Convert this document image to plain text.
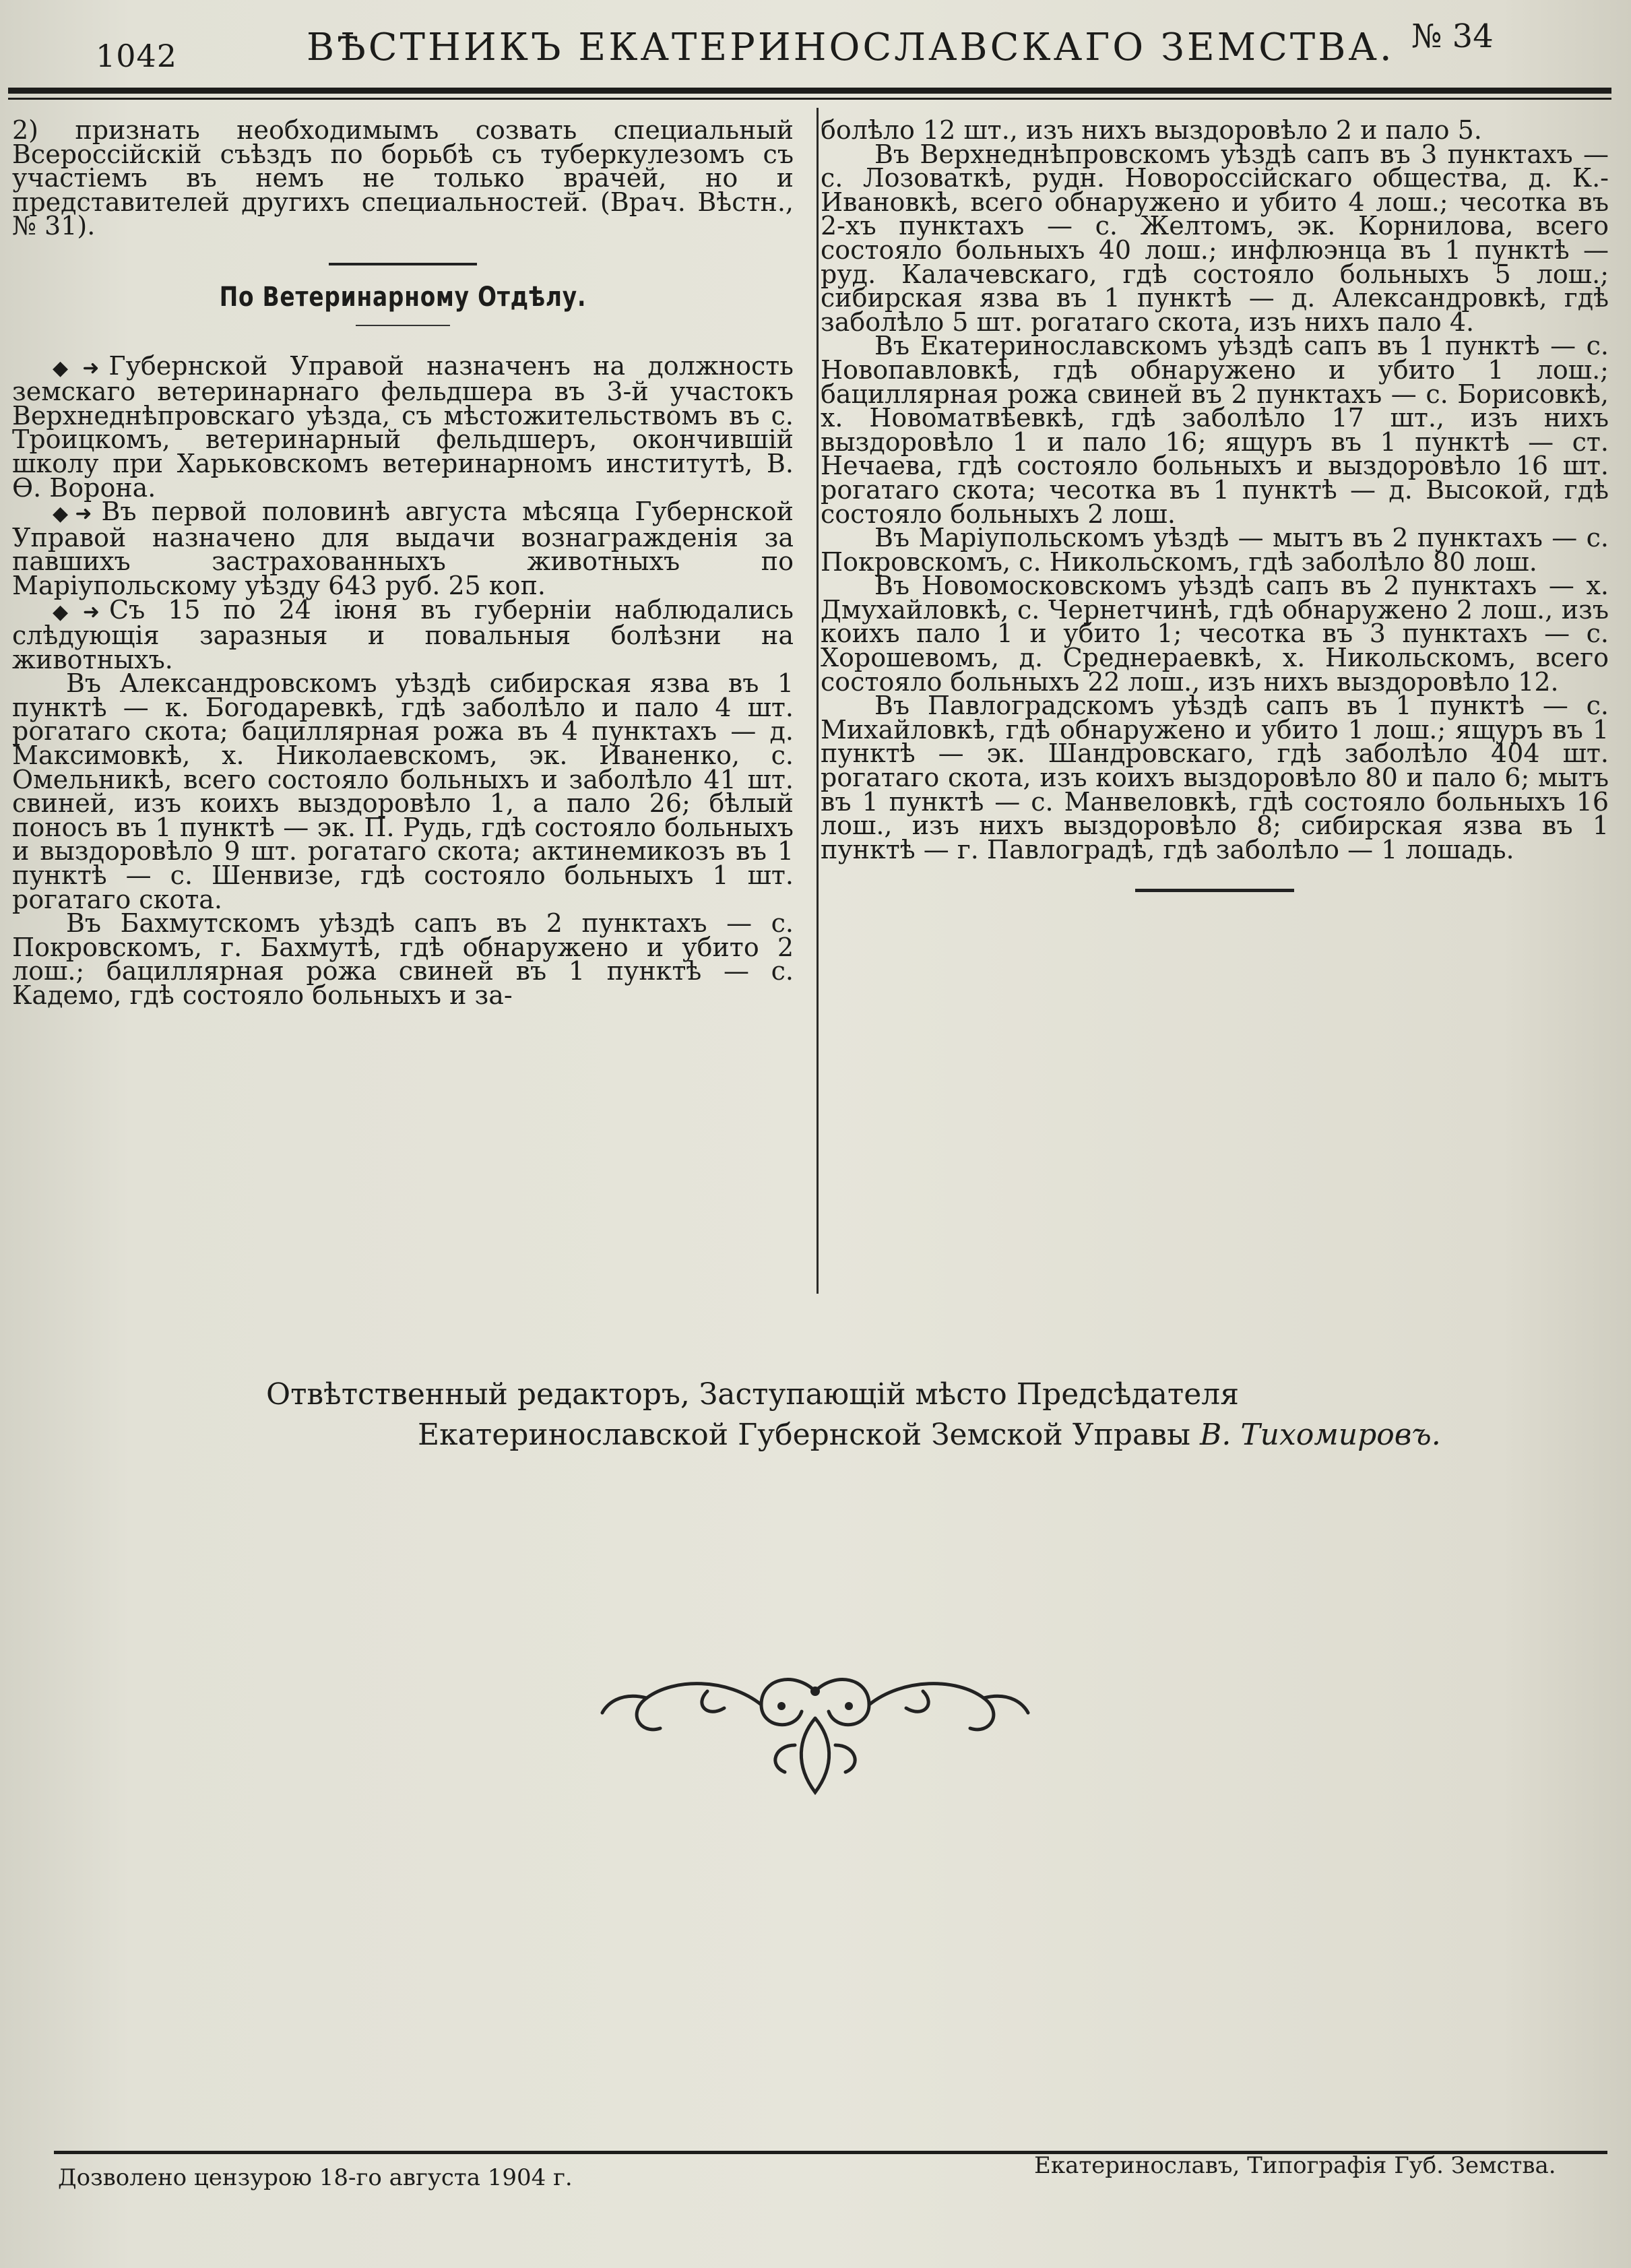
1042	ВѢСТНИКЪ ЕКАТЕРИНОСЛАВСКАГО ЗЕМСТВА. № 34

2) признать необходимымъ созвать специальный Всероссійскій съѣздъ по борьбѣ съ туберкулезомъ съ участіемъ въ немъ не только врачей, но и представителей другихъ специальностей. (Врач. Вѣстн., № 31).

По Ветеринарному Отдѣлу.

◆➜ Губернской Управой назначенъ на должность земскаго ветеринарнаго фельдшера въ 3-й участокъ Верхнеднѣпровскаго уѣзда, съ мѣстожительствомъ въ с. Троицкомъ, ветеринарный фельдшеръ, окончившій школу при Харьковскомъ ветеринарномъ институтѣ, В. Ѳ. Ворона.

◆➜ Въ первой половинѣ августа мѣсяца Губернской Управой назначено для выдачи вознагражденія за павшихъ застрахованныхъ животныхъ по Маріупольскому уѣзду 643 руб. 25 коп.

◆➜ Съ 15 по 24 іюня въ губерніи наблюдались слѣдующія заразныя и повальныя болѣзни на животныхъ.

Въ Александровскомъ уѣздѣ сибирская язва въ 1 пунктѣ — к. Богодаревкѣ, гдѣ заболѣло и пало 4 шт. рогатаго скота; бациллярная рожа въ 4 пунктахъ — д. Максимовкѣ, х. Николаевскомъ, эк. Иваненко, с. Омельникѣ, всего состояло больныхъ и заболѣло 41 шт. свиней, изъ коихъ выздоровѣло 1, а пало 26; бѣлый поносъ въ 1 пунктѣ — эк. П. Рудь, гдѣ состояло больныхъ и выздоровѣло 9 шт. рогатаго скота; актинемикозъ въ 1 пунктѣ — с. Шенвизе, гдѣ состояло больныхъ 1 шт. рогатаго скота.

Въ Бахмутскомъ уѣздѣ сапъ въ 2 пунктахъ — с. Покровскомъ, г. Бахмутѣ, гдѣ обнаружено и убито 2 лош.; бациллярная рожа свиней въ 1 пунктѣ — с. Кадемо, гдѣ состояло больныхъ и за-

болѣло 12 шт., изъ нихъ выздоровѣло 2 и пало 5.

Въ Верхнеднѣпровскомъ уѣздѣ сапъ въ 3 пунктахъ — с. Лозоваткѣ, рудн. Новороссійскаго общества, д. К.-Ивановкѣ, всего обнаружено и убито 4 лош.; чесотка въ 2-хъ пунктахъ — с. Желтомъ, эк. Корнилова, всего состояло больныхъ 40 лош.; инфлюэнца въ 1 пунктѣ — руд. Калачевскаго, гдѣ состояло больныхъ 5 лош.; сибирская язва въ 1 пунктѣ — д. Александровкѣ, гдѣ заболѣло 5 шт. рогатаго скота, изъ нихъ пало 4.

Въ Екатеринославскомъ уѣздѣ сапъ въ 1 пунктѣ — с. Новопавловкѣ, гдѣ обнаружено и убито 1 лош.; бациллярная рожа свиней въ 2 пунктахъ — с. Борисовкѣ, х. Новоматвѣевкѣ, гдѣ заболѣло 17 шт., изъ нихъ выздоровѣло 1 и пало 16; ящуръ въ 1 пунктѣ — ст. Нечаева, гдѣ состояло больныхъ и выздоровѣло 16 шт. рогатаго скота; чесотка въ 1 пунктѣ — д. Высокой, гдѣ состояло больныхъ 2 лош.

Въ Маріупольскомъ уѣздѣ — мытъ въ 2 пунктахъ — с. Покровскомъ, с. Никольскомъ, гдѣ заболѣло 80 лош.

Въ Новомосковскомъ уѣздѣ сапъ въ 2 пунктахъ — х. Дмухайловкѣ, с. Чернетчинѣ, гдѣ обнаружено 2 лош., изъ коихъ пало 1 и убито 1; чесотка въ 3 пунктахъ — с. Хорошевомъ, д. Среднераевкѣ, х. Никольскомъ, всего состояло больныхъ 22 лош., изъ нихъ выздоровѣло 12.

Въ Павлоградскомъ уѣздѣ сапъ въ 1 пунктѣ — с. Михайловкѣ, гдѣ обнаружено и убито 1 лош.; ящуръ въ 1 пунктѣ — эк. Шандровскаго, гдѣ заболѣло 404 шт. рогатаго скота, изъ коихъ выздоровѣло 80 и пало 6; мытъ въ 1 пунктѣ — с. Манвеловкѣ, гдѣ состояло больныхъ 16 лош., изъ нихъ выздоровѣло 8; сибирская язва въ 1 пунктѣ — г. Павлоградѣ, гдѣ заболѣло — 1 лошадь.

Отвѣтственный редакторъ, Заступающій мѣсто Предсѣдателя
Екатеринославской Губернской Земской Управы В. Тихомировъ.
Дозволено цензурою 18-го августа 1904 г.	Екатеринославъ, Типографія Губ. Земства.
